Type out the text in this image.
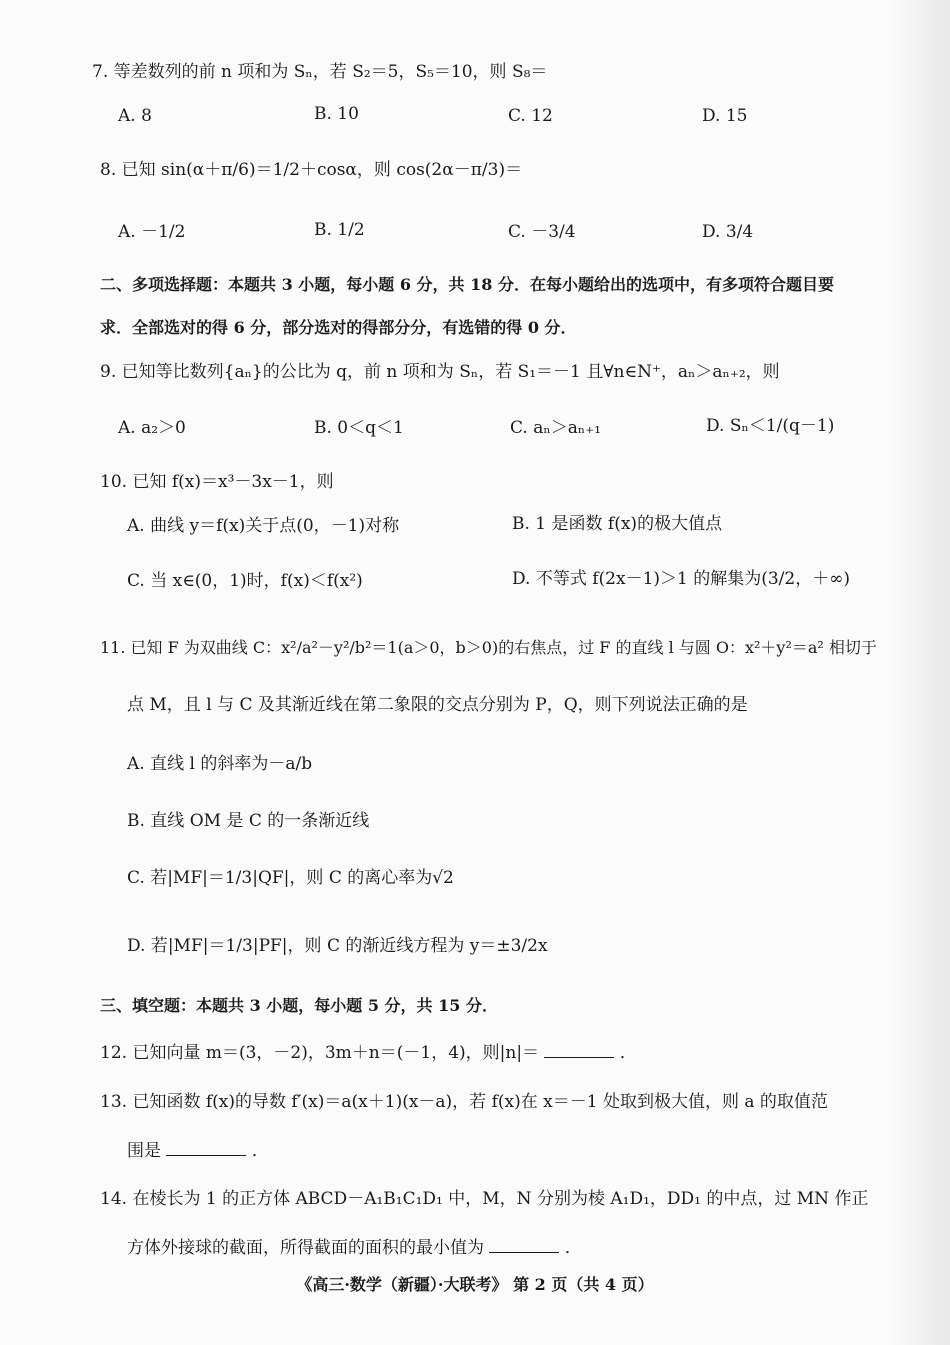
7. 等差数列的前 n 项和为 Sₙ，若 S₂＝5，S₅＝10，则 S₈＝
A. 8	B. 10	C. 12	D. 15
8. 已知 sin(α＋π/6)＝1/2＋cosα，则 cos(2α－π/3)＝
A. －1/2	B. 1/2	C. －3/4	D. 3/4
二、多项选择题：本题共 3 小题，每小题 6 分，共 18 分．在每小题给出的选项中，有多项符合题目要
求．全部选对的得 6 分，部分选对的得部分分，有选错的得 0 分．
9. 已知等比数列{aₙ}的公比为 q，前 n 项和为 Sₙ，若 S₁＝－1 且∀n∈N⁺，aₙ＞aₙ₊₂，则
A. a₂＞0	B. 0＜q＜1	C. aₙ＞aₙ₊₁	D. Sₙ＜1/(q－1)
10. 已知 f(x)＝x³－3x－1，则
A. 曲线 y＝f(x)关于点(0，－1)对称	B. 1 是函数 f(x)的极大值点
C. 当 x∈(0，1)时，f(x)＜f(x²)	D. 不等式 f(2x－1)＞1 的解集为(3/2，＋∞)
11. 已知 F 为双曲线 C：x²/a²－y²/b²＝1(a＞0，b＞0)的右焦点，过 F 的直线 l 与圆 O：x²＋y²＝a² 相切于
点 M，且 l 与 C 及其渐近线在第二象限的交点分别为 P，Q，则下列说法正确的是
A. 直线 l 的斜率为－a/b
B. 直线 OM 是 C 的一条渐近线
C. 若|MF|＝1/3|QF|，则 C 的离心率为√2
D. 若|MF|＝1/3|PF|，则 C 的渐近线方程为 y＝±3/2x
三、填空题：本题共 3 小题，每小题 5 分，共 15 分．
12. 已知向量 m＝(3，－2)，3m＋n＝(－1，4)，则|n|＝	．
13. 已知函数 f(x)的导数 f′(x)＝a(x＋1)(x－a)，若 f(x)在 x＝－1 处取到极大值，则 a 的取值范
围是	．
14. 在棱长为 1 的正方体 ABCD－A₁B₁C₁D₁ 中，M，N 分别为棱 A₁D₁，DD₁ 的中点，过 MN 作正
方体外接球的截面，所得截面的面积的最小值为	．
《高三·数学（新疆）·大联考》 第 2 页（共 4 页）
